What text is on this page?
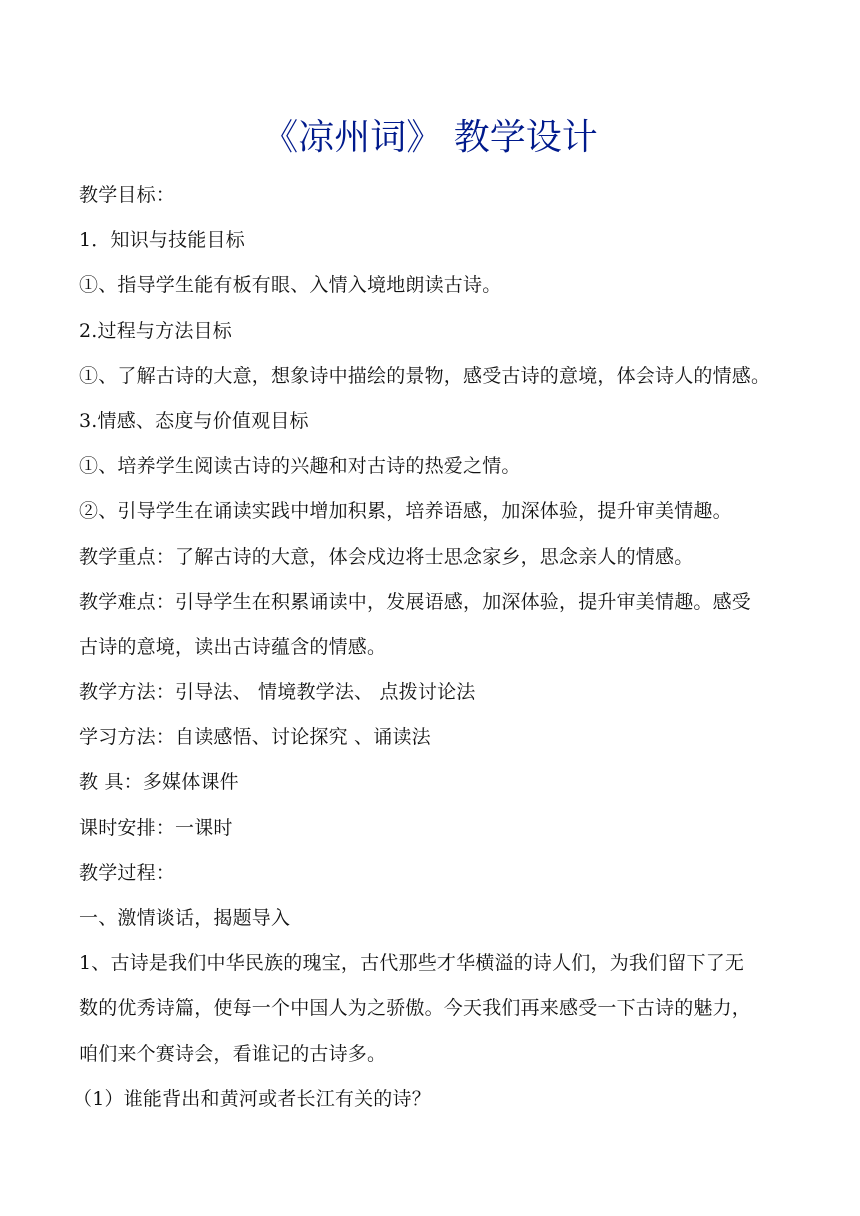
《凉州词》 教学设计
教学目标：
1．知识与技能目标
①、指导学生能有板有眼、入情入境地朗读古诗。
2.过程与方法目标
①、了解古诗的大意，想象诗中描绘的景物，感受古诗的意境，体会诗人的情感。
3.情感、态度与价值观目标
①、培养学生阅读古诗的兴趣和对古诗的热爱之情。
②、引导学生在诵读实践中增加积累，培养语感，加深体验，提升审美情趣。
教学重点：了解古诗的大意，体会戍边将士思念家乡，思念亲人的情感。
教学难点：引导学生在积累诵读中，发展语感，加深体验，提升审美情趣。感受
古诗的意境，读出古诗蕴含的情感。
教学方法：引导法、 情境教学法、 点拨讨论法
学习方法：自读感悟、讨论探究 、诵读法
教 具：多媒体课件
课时安排：一课时
教学过程：
一、激情谈话，揭题导入
1、古诗是我们中华民族的瑰宝，古代那些才华横溢的诗人们，为我们留下了无
数的优秀诗篇，使每一个中国人为之骄傲。今天我们再来感受一下古诗的魅力，
咱们来个赛诗会，看谁记的古诗多。
（1）谁能背出和黄河或者长江有关的诗？
